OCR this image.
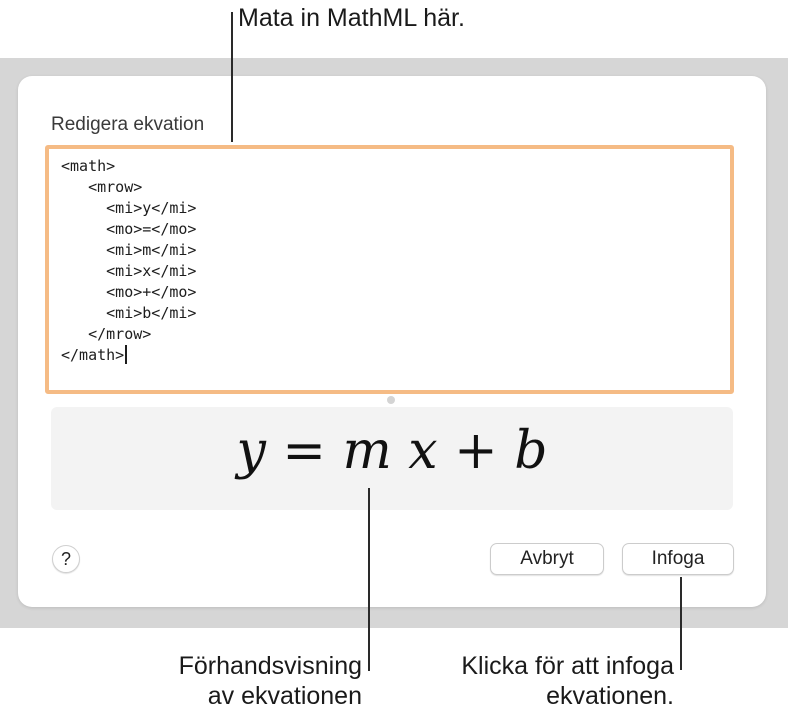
Redigera ekvation
<math>
<mrow>
<mi>y</mi>
<mo>=</mo>
<mi>m</mi>
<mi>x</mi>
<mo>+</mo>
<mi>b</mi>
</mrow>
</math>
y = m x + b
?	Avbryt	Infoga
Mata in MathML här.
Förhandsvisning
av ekvationen
Klicka för att infoga
ekvationen.
